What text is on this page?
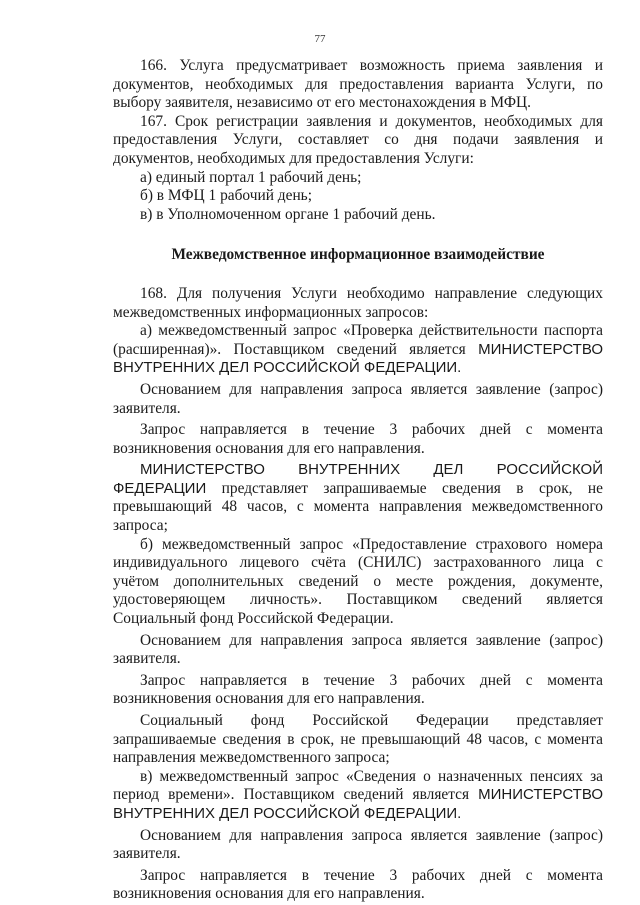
77

166. Услуга предусматривает возможность приема заявления и документов, необходимых для предоставления варианта Услуги, по выбору заявителя, независимо от его местонахождения в МФЦ.

167. Срок регистрации заявления и документов, необходимых для предоставления Услуги, составляет со дня подачи заявления и документов, необходимых для предоставления Услуги:

а) единый портал 1 рабочий день;
б) в МФЦ 1 рабочий день;
в) в Уполномоченном органе 1 рабочий день.
Межведомственное информационное взаимодействие

168. Для получения Услуги необходимо направление следующих межведомственных информационных запросов:

а) межведомственный запрос «Проверка действительности паспорта (расширенная)». Поставщиком сведений является МИНИСТЕРСТВО ВНУТРЕННИХ ДЕЛ РОССИЙСКОЙ ФЕДЕРАЦИИ.

Основанием для направления запроса является заявление (запрос) заявителя.

Запрос направляется в течение 3 рабочих дней с момента возникновения основания для его направления.

МИНИСТЕРСТВО ВНУТРЕННИХ ДЕЛ РОССИЙСКОЙ ФЕДЕРАЦИИ представляет запрашиваемые сведения в срок, не превышающий 48 часов, с момента направления межведомственного запроса;

б) межведомственный запрос «Предоставление страхового номера индивидуального лицевого счёта (СНИЛС) застрахованного лица с учётом дополнительных сведений о месте рождения, документе, удостоверяющем личность». Поставщиком сведений является Социальный фонд Российской Федерации.

Основанием для направления запроса является заявление (запрос) заявителя.

Запрос направляется в течение 3 рабочих дней с момента возникновения основания для его направления.

Социальный фонд Российской Федерации представляет запрашиваемые сведения в срок, не превышающий 48 часов, с момента направления межведомственного запроса;

в) межведомственный запрос «Сведения о назначенных пенсиях за период времени». Поставщиком сведений является МИНИСТЕРСТВО ВНУТРЕННИХ ДЕЛ РОССИЙСКОЙ ФЕДЕРАЦИИ.

Основанием для направления запроса является заявление (запрос) заявителя.

Запрос направляется в течение 3 рабочих дней с момента возникновения основания для его направления.
